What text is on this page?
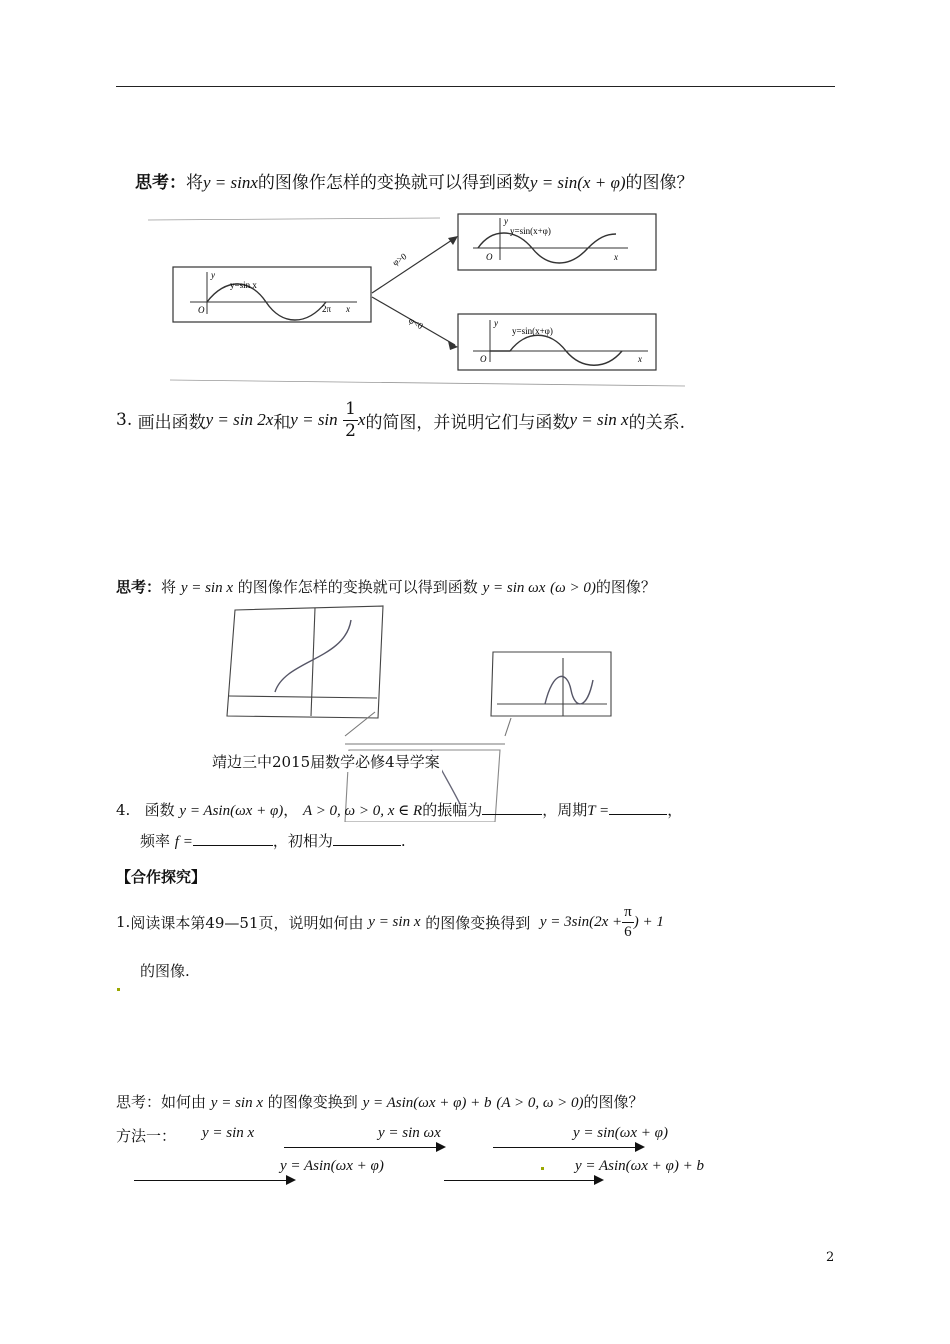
思考：将y = sinx的图像作怎样的变换就可以得到函数y = sin(x + φ)的图像？
y
y=sin x
O	2π x
φ>0
φ<0
y
y=sin(x+φ)
O	x
y
y=sin(x+φ)
O	x
3.
画出函数 y = sin 2x 和 y = sin
$\frac{1}{2}$ x 的简图，并说明它们与函数 y = sin x 的关系.
思考：将 y = sin x 的图像作怎样的变换就可以得到函数 y = sin ωx (ω > 0)的图像？
靖边三中2015届数学必修4导学案
4. 函数 y = Asin(ωx + φ)， A > 0, ω > 0, x ∈ R的振幅为	，周期T =	，
频率 f =	，初相为	.
【合作探究】
1. 阅读课本第49—51页，说明如何由
y = sin x
的图像变换得到
$y = 3\sin(2x + \frac{\pi}{6}$ ) + 1
的图像.
思考：如何由 y = sin x 的图像变换到 y = Asin(ωx + φ) + b (A > 0, ω > 0)的图像？
方法一： y = sin x	y = sin ωx	y = sin(ωx + φ)
y = Asin(ωx + φ)	y = Asin(ωx + φ) + b
2
